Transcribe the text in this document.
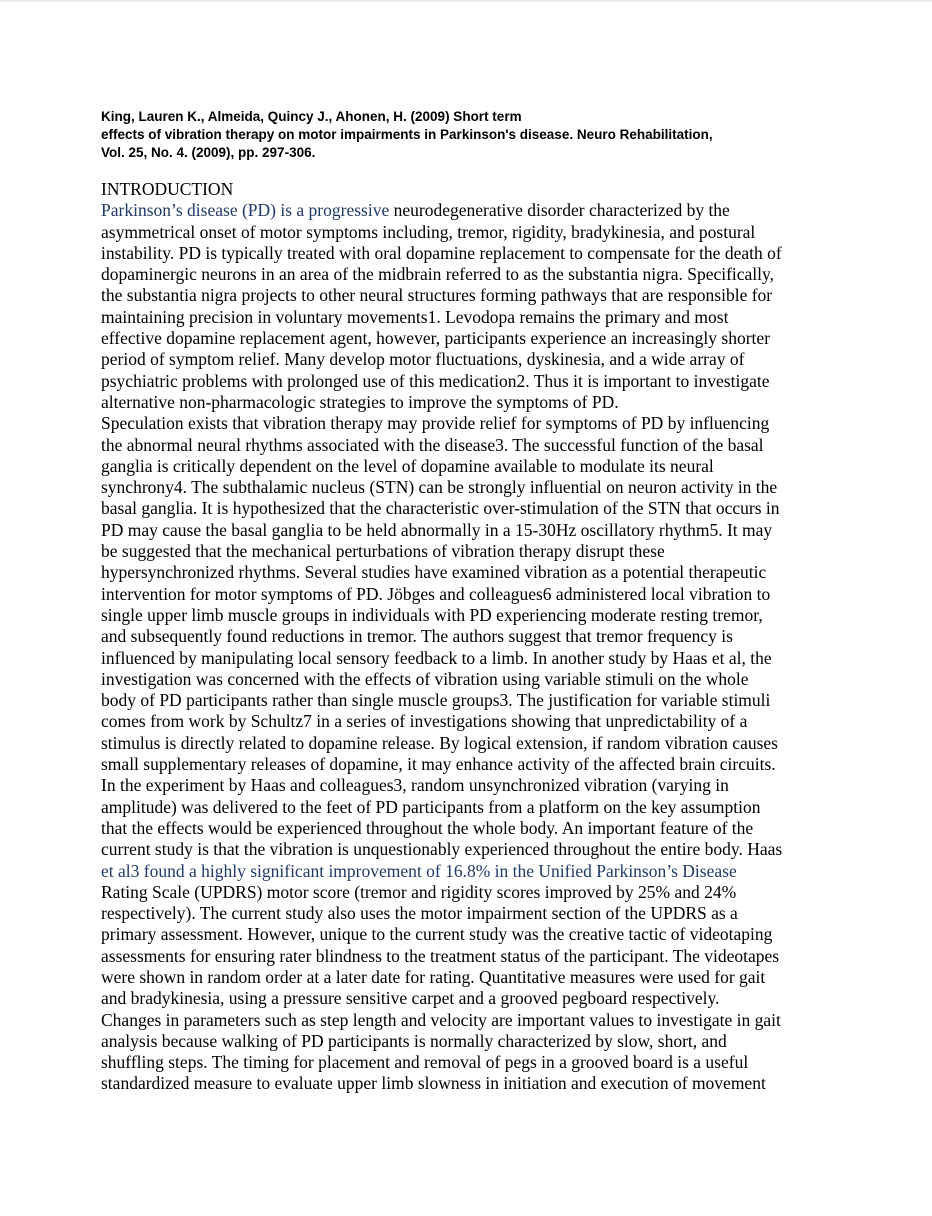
King, Lauren K., Almeida, Quincy J., Ahonen, H. (2009) Short term
effects of vibration therapy on motor impairments in Parkinson's disease. Neuro Rehabilitation,
Vol. 25, No. 4. (2009), pp. 297-306.

INTRODUCTION
Parkinson’s disease (PD) is a progressive neurodegenerative disorder characterized by the
asymmetrical onset of motor symptoms including, tremor, rigidity, bradykinesia, and postural
instability. PD is typically treated with oral dopamine replacement to compensate for the death of
dopaminergic neurons in an area of the midbrain referred to as the substantia nigra. Specifically,
the substantia nigra projects to other neural structures forming pathways that are responsible for
maintaining precision in voluntary movements1. Levodopa remains the primary and most
effective dopamine replacement agent, however, participants experience an increasingly shorter
period of symptom relief. Many develop motor fluctuations, dyskinesia, and a wide array of
psychiatric problems with prolonged use of this medication2. Thus it is important to investigate
alternative non-pharmacologic strategies to improve the symptoms of PD.
Speculation exists that vibration therapy may provide relief for symptoms of PD by influencing
the abnormal neural rhythms associated with the disease3. The successful function of the basal
ganglia is critically dependent on the level of dopamine available to modulate its neural
synchrony4. The subthalamic nucleus (STN) can be strongly influential on neuron activity in the
basal ganglia. It is hypothesized that the characteristic over-stimulation of the STN that occurs in
PD may cause the basal ganglia to be held abnormally in a 15-30Hz oscillatory rhythm5. It may
be suggested that the mechanical perturbations of vibration therapy disrupt these
hypersynchronized rhythms. Several studies have examined vibration as a potential therapeutic
intervention for motor symptoms of PD. Jöbges and colleagues6 administered local vibration to
single upper limb muscle groups in individuals with PD experiencing moderate resting tremor,
and subsequently found reductions in tremor. The authors suggest that tremor frequency is
influenced by manipulating local sensory feedback to a limb. In another study by Haas et al, the
investigation was concerned with the effects of vibration using variable stimuli on the whole
body of PD participants rather than single muscle groups3. The justification for variable stimuli
comes from work by Schultz7 in a series of investigations showing that unpredictability of a
stimulus is directly related to dopamine release. By logical extension, if random vibration causes
small supplementary releases of dopamine, it may enhance activity of the affected brain circuits.
In the experiment by Haas and colleagues3, random unsynchronized vibration (varying in
amplitude) was delivered to the feet of PD participants from a platform on the key assumption
that the effects would be experienced throughout the whole body. An important feature of the
current study is that the vibration is unquestionably experienced throughout the entire body. Haas
et al3 found a highly significant improvement of 16.8% in the Unified Parkinson’s Disease
Rating Scale (UPDRS) motor score (tremor and rigidity scores improved by 25% and 24%
respectively). The current study also uses the motor impairment section of the UPDRS as a
primary assessment. However, unique to the current study was the creative tactic of videotaping
assessments for ensuring rater blindness to the treatment status of the participant. The videotapes
were shown in random order at a later date for rating. Quantitative measures were used for gait
and bradykinesia, using a pressure sensitive carpet and a grooved pegboard respectively.
Changes in parameters such as step length and velocity are important values to investigate in gait
analysis because walking of PD participants is normally characterized by slow, short, and
shuffling steps. The timing for placement and removal of pegs in a grooved board is a useful
standardized measure to evaluate upper limb slowness in initiation and execution of movement
